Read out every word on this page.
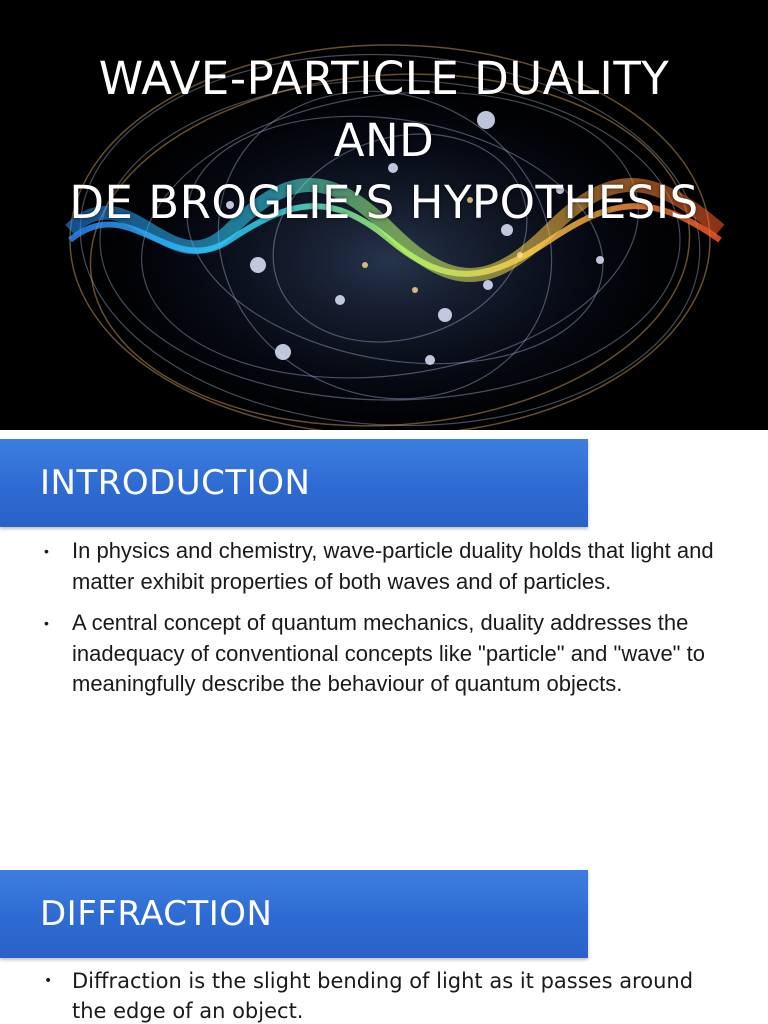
WAVE-PARTICLE DUALITY
AND
DE BROGLIE’S HYPOTHESIS
INTRODUCTION
• In physics and chemistry, wave-particle duality holds that light and matter exhibit properties of both waves and of particles.
• A central concept of quantum mechanics, duality addresses the inadequacy of conventional concepts like "particle" and "wave" to meaningfully describe the behaviour of quantum objects.
DIFFRACTION
• Diffraction is the slight bending of light as it passes around the edge of an object.
